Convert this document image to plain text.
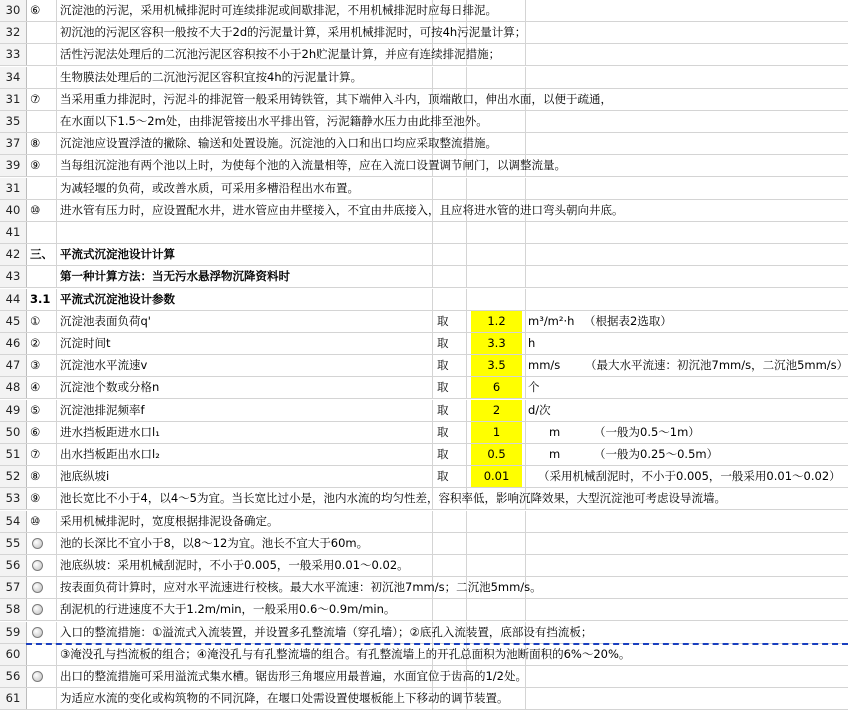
30 ⑥ 沉淀池的污泥，采用机械排泥时可连续排泥或间歇排泥，不用机械排泥时应每日排泥。
32	初沉池的污泥区容积一般按不大于2d的污泥量计算，采用机械排泥时，可按4h污泥量计算；
33	活性污泥法处理后的二沉池污泥区容积按不小于2h贮泥量计算，并应有连续排泥措施；
34	生物膜法处理后的二沉池污泥区容积宜按4h的污泥量计算。
31 ⑦ 当采用重力排泥时，污泥斗的排泥管一般采用铸铁管，其下端伸入斗内，顶端敞口，伸出水面，以便于疏通，
35	在水面以下1.5～2m处，由排泥管接出水平排出管，污泥籍静水压力由此排至池外。
37 ⑧ 沉淀池应设置浮渣的撇除、输送和处置设施。沉淀池的入口和出口均应采取整流措施。
39 ⑨ 当每组沉淀池有两个池以上时，为使每个池的入流量相等，应在入流口设置调节闸门，以调整流量。
31	为减轻堰的负荷，或改善水质，可采用多槽沿程出水布置。
40 ⑩ 进水管有压力时，应设置配水井，进水管应由井壁接入，不宜由井底接入，且应将进水管的进口弯头朝向井底。
41
42 三、 平流式沉淀池设计计算
43	第一种计算方法：当无污水悬浮物沉降资料时
44 3.1 平流式沉淀池设计参数
45 ① 沉淀池表面负荷q'	取	1.2	m³/m²·h （根据表2选取）
46 ② 沉淀时间t	取	3.3	h
47 ③ 沉淀池水平流速v	取	3.5	mm/s （最大水平流速：初沉池7mm/s，二沉池5mm/s）
48 ④ 沉淀池个数或分格n	取	6	个
49 ⑤ 沉淀池排泥频率f	取	2	d/次
50 ⑥ 进水挡板距进水口l₁	取	1	m	（一般为0.5～1m）
51 ⑦ 出水挡板距出水口l₂	取	0.5	m	（一般为0.25～0.5m）
52 ⑧ 池底纵坡i	取	0.01	（采用机械刮泥时，不小于0.005，一般采用0.01～0.02）
53 ⑨ 池长宽比不小于4，以4～5为宜。当长宽比过小是，池内水流的均匀性差，容积率低，影响沉降效果，大型沉淀池可考虑设导流墙。
54 ⑩ 采用机械排泥时，宽度根据排泥设备确定。
55	池的长深比不宜小于8，以8～12为宜。池长不宜大于60m。
56	池底纵坡：采用机械刮泥时，不小于0.005，一般采用0.01～0.02。
57	按表面负荷计算时，应对水平流速进行校核。最大水平流速：初沉池7mm/s；二沉池5mm/s。
58	刮泥机的行进速度不大于1.2m/min，一般采用0.6～0.9m/min。
59	入口的整流措施：①溢流式入流装置，并设置多孔整流墙（穿孔墙）；②底孔入流装置，底部设有挡流板；
60	③淹没孔与挡流板的组合；④淹没孔与有孔整流墙的组合。有孔整流墙上的开孔总面积为池断面积的6%～20%。
56	出口的整流措施可采用溢流式集水槽。锯齿形三角堰应用最普遍，水面宜位于齿高的1/2处。
61	为适应水流的变化或构筑物的不同沉降，在堰口处需设置使堰板能上下移动的调节装置。
